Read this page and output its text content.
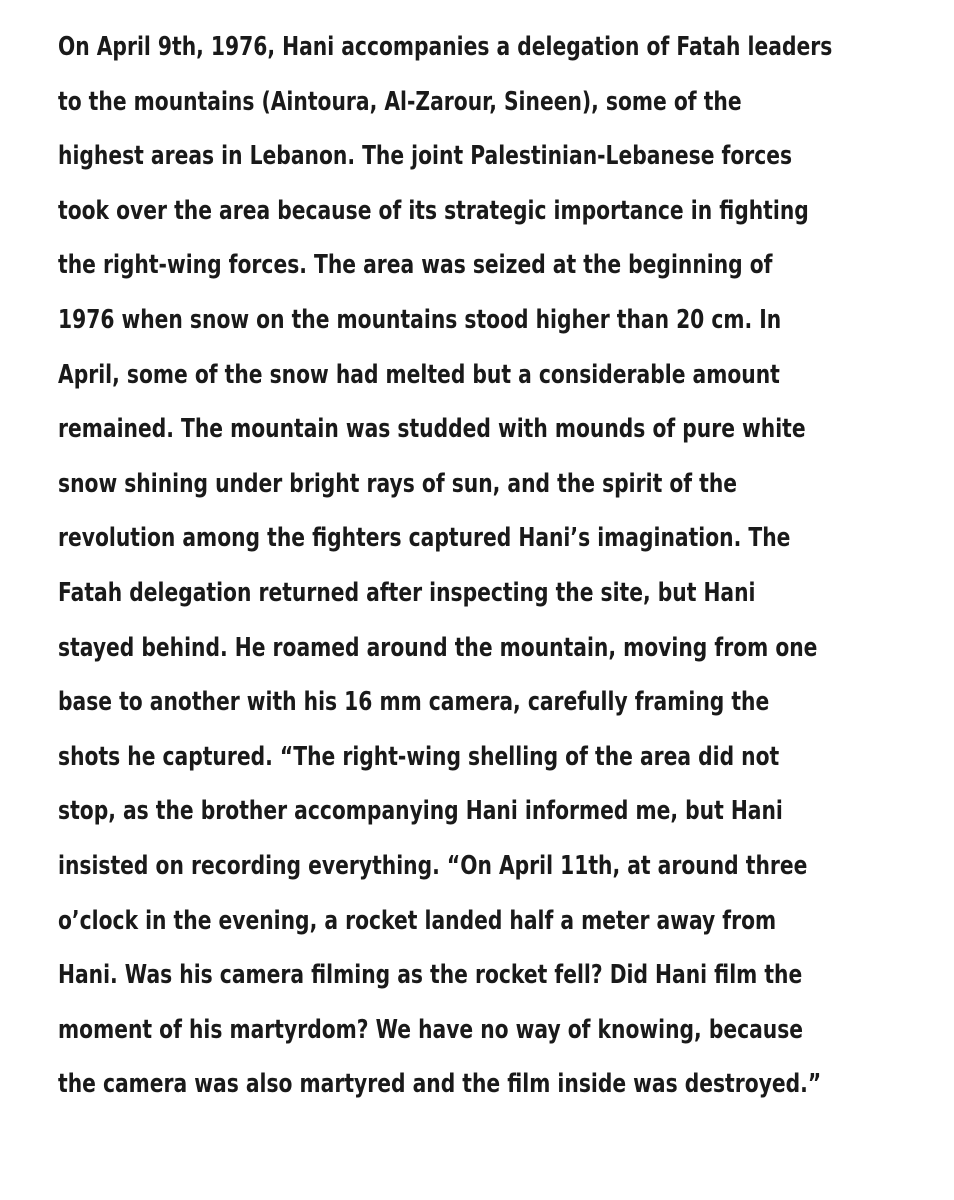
On April 9th, 1976, Hani accompanies a delegation of Fatah leaders
to the mountains (Aintoura, Al-Zarour, Sineen), some of the
highest areas in Lebanon. The joint Palestinian-Lebanese forces
took over the area because of its strategic importance in fighting
the right-wing forces. The area was seized at the beginning of
1976 when snow on the mountains stood higher than 20 cm. In
April, some of the snow had melted but a considerable amount
remained. The mountain was studded with mounds of pure white
snow shining under bright rays of sun, and the spirit of the
revolution among the fighters captured Hani’s imagination. The
Fatah delegation returned after inspecting the site, but Hani
stayed behind. He roamed around the mountain, moving from one
base to another with his 16 mm camera, carefully framing the
shots he captured. “The right-wing shelling of the area did not
stop, as the brother accompanying Hani informed me, but Hani
insisted on recording everything. “On April 11th, at around three
o’clock in the evening, a rocket landed half a meter away from
Hani. Was his camera filming as the rocket fell? Did Hani film the
moment of his martyrdom? We have no way of knowing, because
the camera was also martyred and the film inside was destroyed.”
